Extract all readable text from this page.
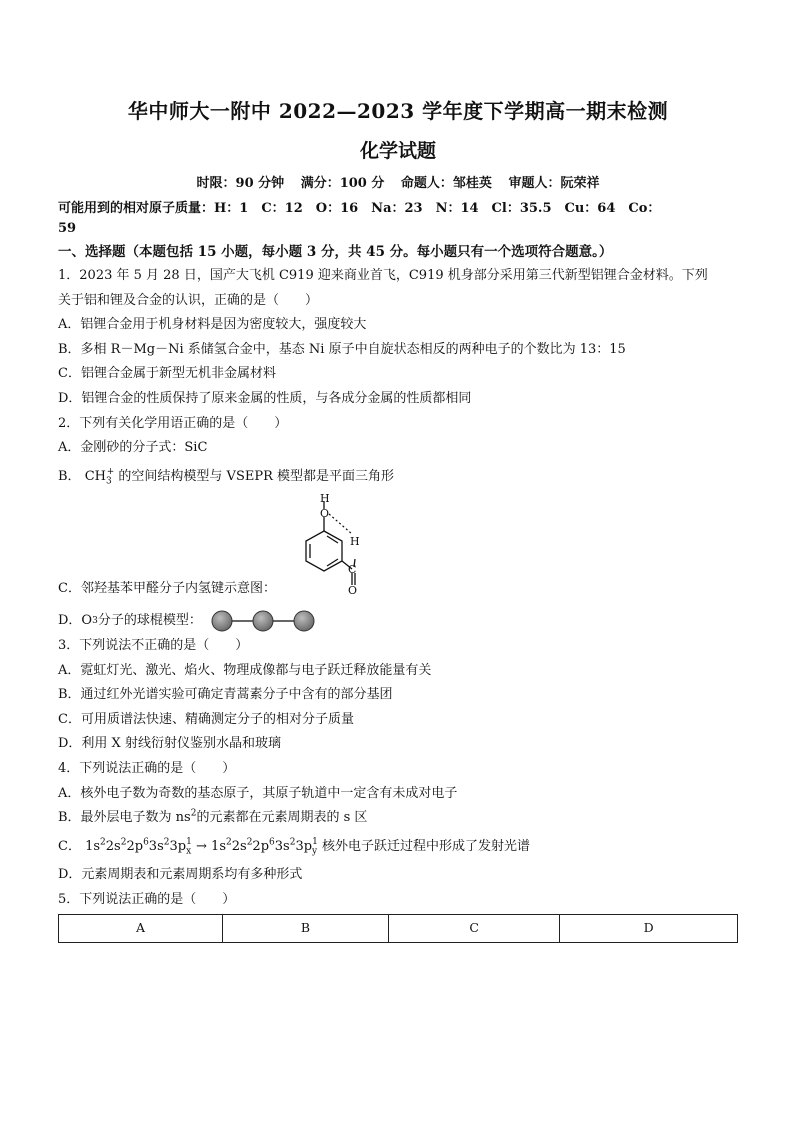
华中师大一附中 2022—2023 学年度下学期高一期末检测
化学试题
时限：90 分钟 满分：100 分 命题人：邹桂英 审题人：阮荣祥
可能用到的相对原子质量：H：1　C：12　O：16　Na：23　N：14　Cl：35.5　Cu：64　Co：
59
一、选择题（本题包括 15 小题，每小题 3 分，共 45 分。每小题只有一个选项符合题意。）
1．2023 年 5 月 28 日，国产大飞机 C919 迎来商业首飞，C919 机身部分采用第三代新型铝锂合金材料。下列
关于铝和锂及合金的认识，正确的是（　　）
A．铝锂合金用于机身材料是因为密度较大，强度较大
B．多相 R－Mg－Ni 系储氢合金中，基态 Ni 原子中自旋状态相反的两种电子的个数比为 13：15
C．铝锂合金属于新型无机非金属材料
D．铝锂合金的性质保持了原来金属的性质，与各成分金属的性质都相同
2．下列有关化学用语正确的是（　　）
A．金刚砂的分子式：SiC
B． $CH_3^+$ 的空间结构模型与 VSEPR 模型都是平面三角形
H
O
H
C
O
C．邻羟基苯甲醛分子内氢键示意图：
D．O 3 分子的球棍模型：
3．下列说法不正确的是（　　）
A．霓虹灯光、激光、焰火、物理成像都与电子跃迁释放能量有关
B．通过红外光谱实验可确定青蒿素分子中含有的部分基团
C．可用质谱法快速、精确测定分子的相对分子质量
D．利用 X 射线衍射仪鉴别水晶和玻璃
4．下列说法正确的是（　　）
A．核外电子数为奇数的基态原子，其原子轨道中一定含有未成对电子
B．最外层电子数为 $ns^2$的元素都在元素周期表的 s 区
C． $1s^22s^22p^63s^23p_x^1 \to 1s^22s^22p^63s^23p_y^1$ 核外电子跃迁过程中形成了发射光谱
D．元素周期表和元素周期系均有多种形式
5．下列说法正确的是（　　）
A	B	C	D
